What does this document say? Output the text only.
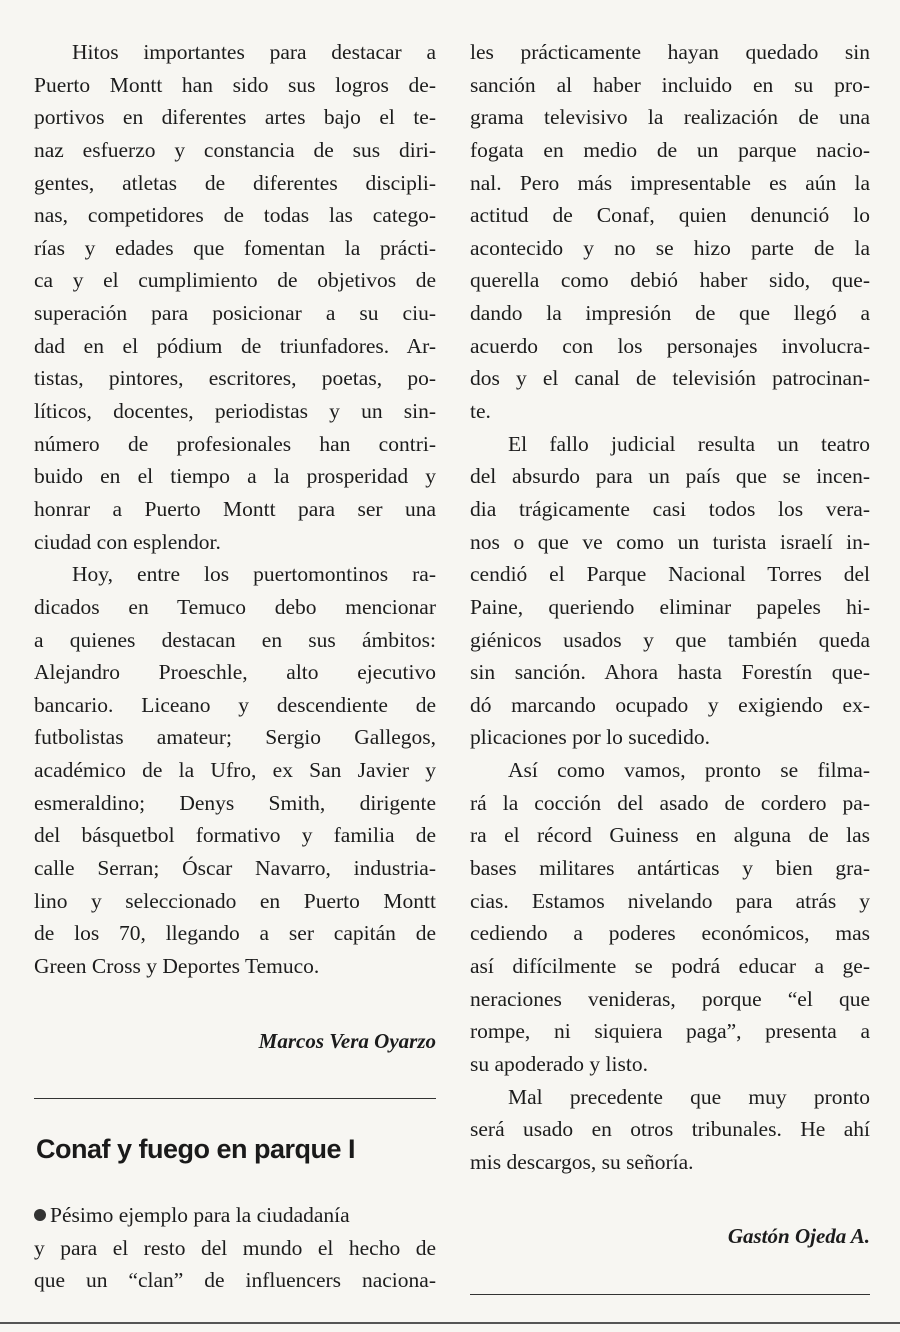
Hitos importantes para destacar a
Puerto Montt han sido sus logros de-
portivos en diferentes artes bajo el te-
naz esfuerzo y constancia de sus diri-
gentes, atletas de diferentes discipli-
nas, competidores de todas las catego-
rías y edades que fomentan la prácti-
ca y el cumplimiento de objetivos de
superación para posicionar a su ciu-
dad en el pódium de triunfadores. Ar-
tistas, pintores, escritores, poetas, po-
líticos, docentes, periodistas y un sin-
número de profesionales han contri-
buido en el tiempo a la prosperidad y
honrar a Puerto Montt para ser una
ciudad con esplendor.
Hoy, entre los puertomontinos ra-
dicados en Temuco debo mencionar
a quienes destacan en sus ámbitos:
Alejandro Proeschle, alto ejecutivo
bancario. Liceano y descendiente de
futbolistas amateur; Sergio Gallegos,
académico de la Ufro, ex San Javier y
esmeraldino; Denys Smith, dirigente
del básquetbol formativo y familia de
calle Serran; Óscar Navarro, industria-
lino y seleccionado en Puerto Montt
de los 70, llegando a ser capitán de
Green Cross y Deportes Temuco.
Marcos Vera Oyarzo
Conaf y fuego en parque I
Pésimo ejemplo para la ciudadanía
y para el resto del mundo el hecho de
que un “clan” de influencers naciona-
les prácticamente hayan quedado sin
sanción al haber incluido en su pro-
grama televisivo la realización de una
fogata en medio de un parque nacio-
nal. Pero más impresentable es aún la
actitud de Conaf, quien denunció lo
acontecido y no se hizo parte de la
querella como debió haber sido, que-
dando la impresión de que llegó a
acuerdo con los personajes involucra-
dos y el canal de televisión patrocinan-
te.
El fallo judicial resulta un teatro
del absurdo para un país que se incen-
dia trágicamente casi todos los vera-
nos o que ve como un turista israelí in-
cendió el Parque Nacional Torres del
Paine, queriendo eliminar papeles hi-
giénicos usados y que también queda
sin sanción. Ahora hasta Forestín que-
dó marcando ocupado y exigiendo ex-
plicaciones por lo sucedido.
Así como vamos, pronto se filma-
rá la cocción del asado de cordero pa-
ra el récord Guiness en alguna de las
bases militares antárticas y bien gra-
cias. Estamos nivelando para atrás y
cediendo a poderes económicos, mas
así difícilmente se podrá educar a ge-
neraciones venideras, porque “el que
rompe, ni siquiera paga”, presenta a
su apoderado y listo.
Mal precedente que muy pronto
será usado en otros tribunales. He ahí
mis descargos, su señoría.
Gastón Ojeda A.
